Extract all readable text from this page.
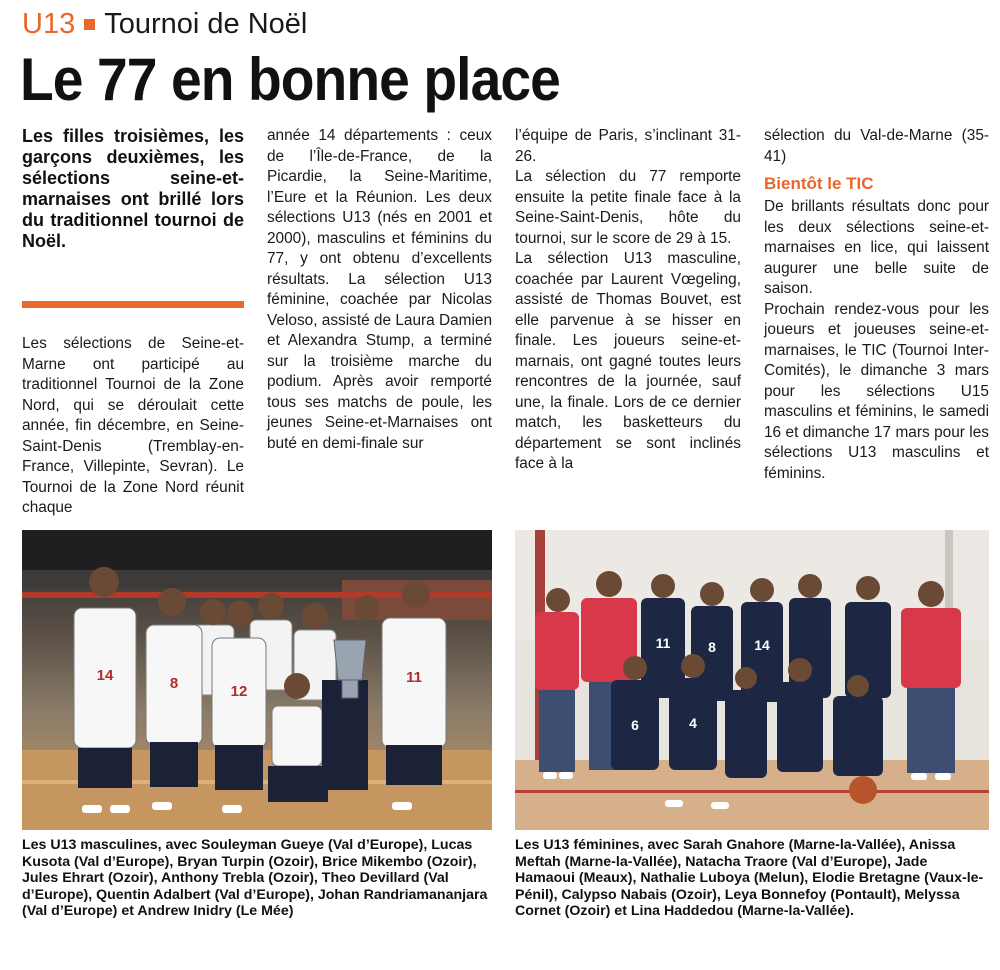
U13 Tournoi de Noël
Le 77 en bonne place
Les filles troisièmes, les garçons deuxièmes, les sélections seine-et-marnaises ont brillé lors du traditionnel tournoi de Noël.

Les sélections de Seine-et-Marne ont participé au traditionnel Tournoi de la Zone Nord, qui se déroulait cette année, fin décembre, en Seine-Saint-Denis (Tremblay-en-France, Villepinte, Sevran). Le Tournoi de la Zone Nord réunit chaque

année 14 départements : ceux de l’Île-de-France, de la Picardie, la Seine-Maritime, l’Eure et la Réunion. Les deux sélections U13 (nés en 2001 et 2000), masculins et féminins du 77, y ont obtenu d’excellents résultats. La sélection U13 féminine, coachée par Nicolas Veloso, assisté de Laura Damien et Alexandra Stump, a terminé sur la troisième marche du podium. Après avoir remporté tous ses matchs de poule, les jeunes Seine-et-Marnaises ont buté en demi-finale sur

l’équipe de Paris, s’inclinant 31-26.

La sélection du 77 remporte ensuite la petite finale face à la Seine-Saint-Denis, hôte du tournoi, sur le score de 29 à 15.

La sélection U13 masculine, coachée par Laurent Vœgeling, assisté de Thomas Bouvet, est elle parvenue à se hisser en finale. Les joueurs seine-et-marnais, ont gagné toutes leurs rencontres de la journée, sauf une, la finale. Lors de ce dernier match, les basketteurs du département se sont inclinés face à la

sélection du Val-de-Marne (35-41)

Bientôt le TIC

De brillants résultats donc pour les deux sélections seine-et-marnaises en lice, qui laissent augurer une belle suite de saison.

Prochain rendez-vous pour les joueurs et joueuses seine-et-marnaises, le TIC (Tournoi Inter-Comités), le dimanche 3 mars pour les sélections U15 masculins et féminins, le samedi 16 et dimanche 17 mars pour les sélections U13 masculins et féminins.

14	8	12
11
11	8	14
6	4
Les U13 masculines, avec Souleyman Gueye (Val d’Europe), Lucas Kusota (Val d’Europe), Bryan Turpin (Ozoir), Brice Mikembo (Ozoir), Jules Ehrart (Ozoir), Anthony Trebla (Ozoir), Theo Devillard (Val d’Europe), Quentin Adalbert (Val d’Europe), Johan Randriamananjara (Val d’Europe) et Andrew Inidry (Le Mée)
Les U13 féminines, avec Sarah Gnahore (Marne-la-Vallée), Anissa Meftah (Marne-la-Vallée), Natacha Traore (Val d’Europe), Jade Hamaoui (Meaux), Nathalie Luboya (Melun), Elodie Bretagne (Vaux-le-Pénil), Calypso Nabais (Ozoir), Leya Bonnefoy (Pontault), Melyssa Cornet (Ozoir) et Lina Haddedou (Marne-la-Vallée).
